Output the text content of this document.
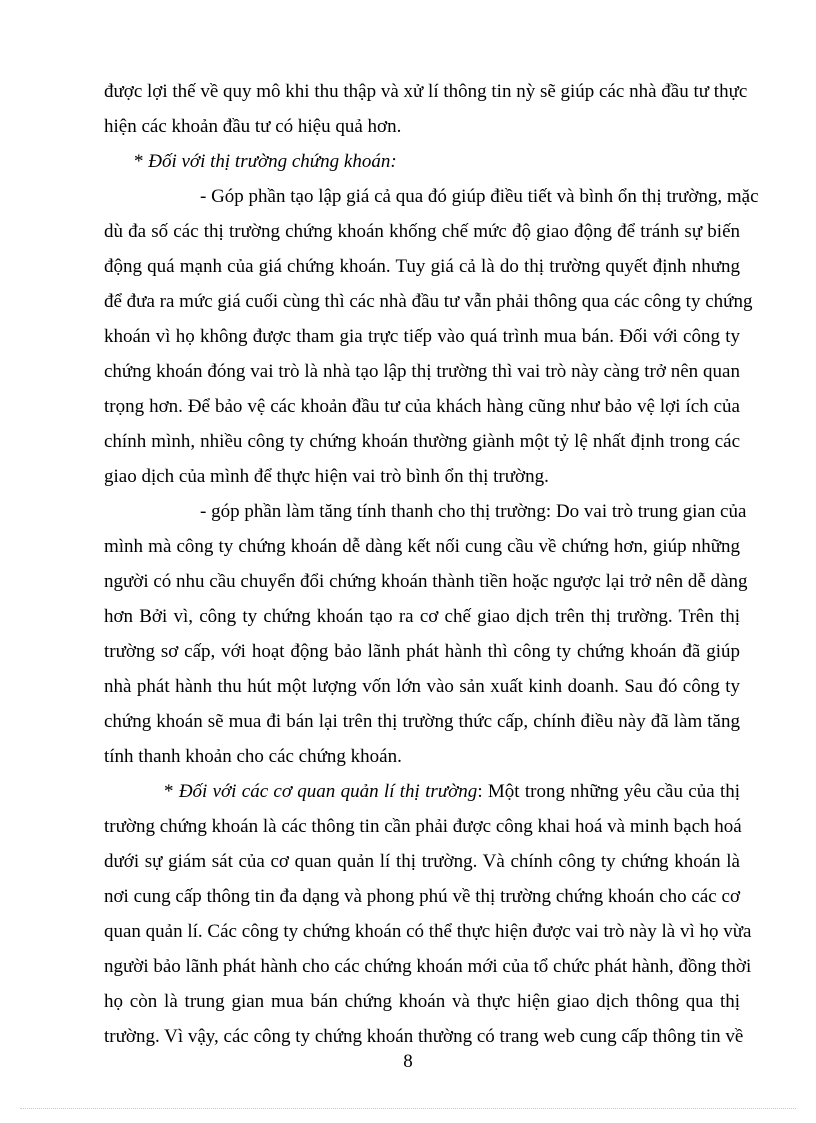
được lợi thế về quy mô khi thu thập và xử lí thông tin nỳ sẽ giúp các nhà đầu tư thực
hiện các khoản đầu tư có hiệu quả hơn.
* Đối với thị trường chứng khoán:
- Góp phần tạo lập giá cả qua đó giúp điều tiết và bình ổn thị trường, mặc
dù đa số các thị trường chứng khoán khống chế mức độ giao động để tránh sự biến
động quá mạnh của giá chứng khoán. Tuy giá cả là do thị trường quyết định nhưng
để đưa ra mức giá cuối cùng thì các nhà đầu tư vẫn phải thông qua các công ty chứng
khoán vì họ không được tham gia trực tiếp vào quá trình mua bán. Đối với công ty
chứng khoán đóng vai trò là nhà tạo lập thị trường thì vai trò này càng trở nên quan
trọng hơn. Để bảo vệ các khoản đầu tư của khách hàng cũng như bảo vệ lợi ích của
chính mình, nhiều công ty chứng khoán thường giành một tỷ lệ nhất định trong các
giao dịch của mình để thực hiện vai trò bình ổn thị trường.
- góp phần làm tăng tính thanh cho thị trường: Do vai trò trung gian của
mình mà công ty chứng khoán dễ dàng kết nối cung cầu về chứng hơn, giúp những
người có nhu cầu chuyển đổi chứng khoán thành tiền hoặc ngược lại trở nên dễ dàng
hơn Bởi vì, công ty chứng khoán tạo ra cơ chế giao dịch trên thị trường. Trên thị
trường sơ cấp, với hoạt động bảo lãnh phát hành thì công ty chứng khoán đã giúp
nhà phát hành thu hút một lượng vốn lớn vào sản xuất kinh doanh. Sau đó công ty
chứng khoán sẽ mua đi bán lại trên thị trường thức cấp, chính điều này đã làm tăng
tính thanh khoản cho các chứng khoán.
* Đối với các cơ quan quản lí thị trường: Một trong những yêu cầu của thị
trường chứng khoán là các thông tin cần phải được công khai hoá và minh bạch hoá
dưới sự giám sát của cơ quan quản lí thị trường. Và chính công ty chứng khoán là
nơi cung cấp thông tin đa dạng và phong phú về thị trường chứng khoán cho các cơ
quan quản lí. Các công ty chứng khoán có thể thực hiện được vai trò này là vì họ vừa
người bảo lãnh phát hành cho các chứng khoán mới của tổ chức phát hành, đồng thời
họ còn là trung gian mua bán chứng khoán và thực hiện giao dịch thông qua thị
trường. Vì vậy, các công ty chứng khoán thường có trang web cung cấp thông tin về
8
